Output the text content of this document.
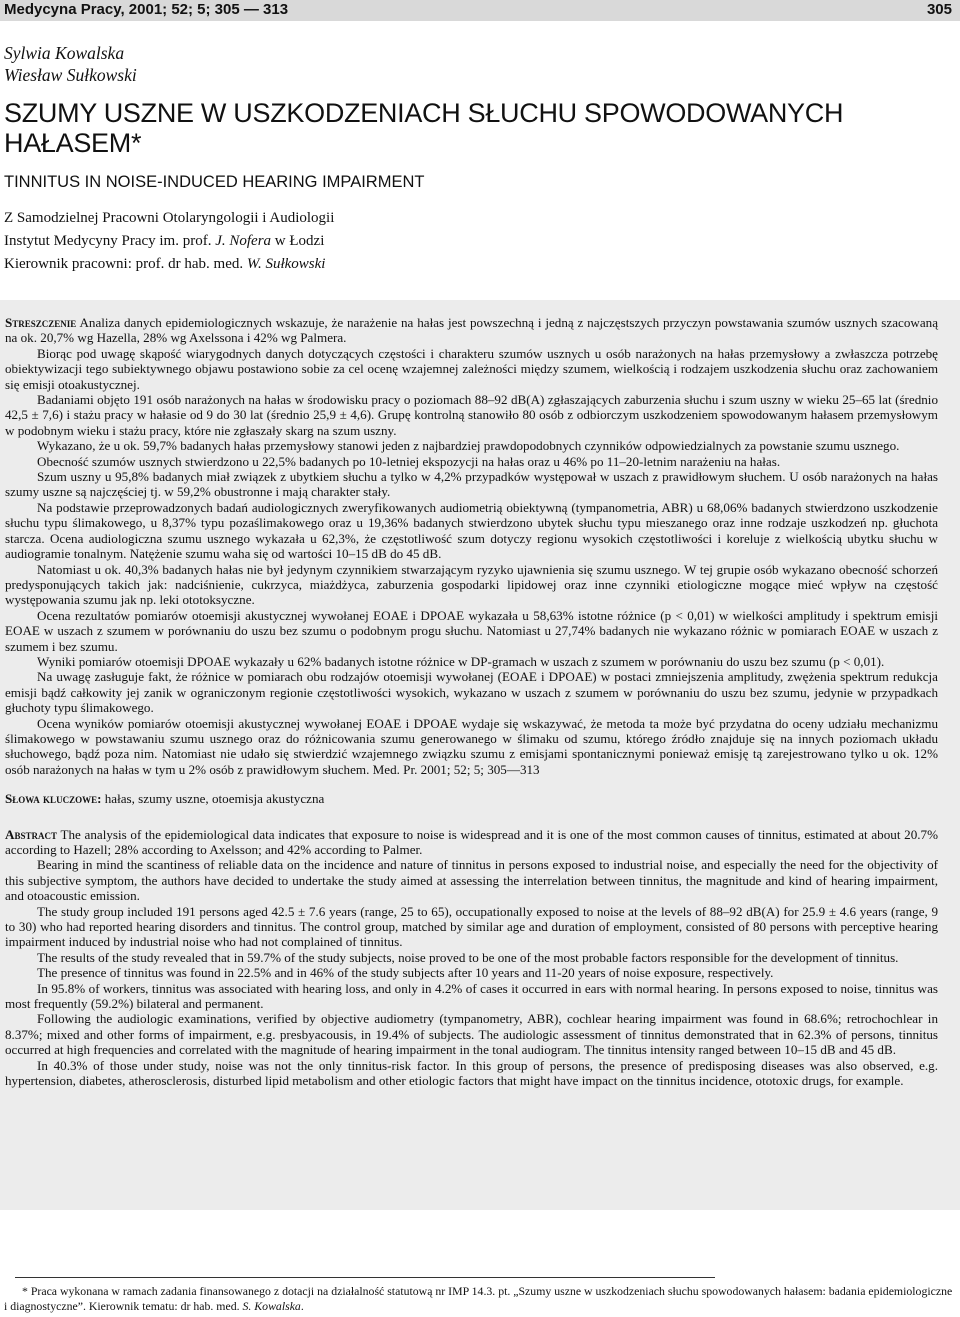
Medycyna Pracy, 2001; 52; 5; 305 — 313	305
Sylwia Kowalska
Wiesław Sułkowski
SZUMY USZNE W USZKODZENIACH SŁUCHU SPOWODOWANYCH HAŁASEM*
TINNITUS IN NOISE-INDUCED HEARING IMPAIRMENT
Z Samodzielnej Pracowni Otolaryngologii i Audiologii
Instytut Medycyny Pracy im. prof. J. Nofera w Łodzi
Kierownik pracowni: prof. dr hab. med. W. Sułkowski

Streszczenie Analiza danych epidemiologicznych wskazuje, że narażenie na hałas jest powszechną i jedną z najczęstszych przyczyn powstawania szumów usznych szacowaną na ok. 20,7% wg Hazella, 28% wg Axelssona i 42% wg Palmera.

Biorąc pod uwagę skąpość wiarygodnych danych dotyczących częstości i charakteru szumów usznych u osób narażonych na hałas przemysłowy a zwłaszcza potrzebę obiektywizacji tego subiektywnego objawu postawiono sobie za cel ocenę wzajemnej zależności między szumem, wielkością i rodzajem uszkodzenia słuchu oraz zachowaniem się emisji otoakustycznej.

Badaniami objęto 191 osób narażonych na hałas w środowisku pracy o poziomach 88–92 dB(A) zgłaszających zaburzenia słuchu i szum uszny w wieku 25–65 lat (średnio 42,5 ± 7,6) i stażu pracy w hałasie od 9 do 30 lat (średnio 25,9 ± 4,6). Grupę kontrolną stanowiło 80 osób z odbiorczym uszkodzeniem spowodowanym hałasem przemysłowym w podobnym wieku i stażu pracy, które nie zgłaszały skarg na szum uszny.

Wykazano, że u ok. 59,7% badanych hałas przemysłowy stanowi jeden z najbardziej prawdopodobnych czynników odpowiedzialnych za powstanie szumu usznego.

Obecność szumów usznych stwierdzono u 22,5% badanych po 10-letniej ekspozycji na hałas oraz u 46% po 11–20-letnim narażeniu na hałas.

Szum uszny u 95,8% badanych miał związek z ubytkiem słuchu a tylko w 4,2% przypadków występował w uszach z prawidłowym słuchem. U osób narażonych na hałas szumy uszne są najczęściej tj. w 59,2% obustronne i mają charakter stały.

Na podstawie przeprowadzonych badań audiologicznych zweryfikowanych audiometrią obiektywną (tympanometria, ABR) u 68,06% badanych stwierdzono uszkodzenie słuchu typu ślimakowego, u 8,37% typu pozaślimakowego oraz u 19,36% badanych stwierdzono ubytek słuchu typu mieszanego oraz inne rodzaje uszkodzeń np. głuchota starcza. Ocena audiologiczna szumu usznego wykazała u 62,3%, że częstotliwość szum dotyczy regionu wysokich częstotliwości i koreluje z wielkością ubytku słuchu w audiogramie tonalnym. Natężenie szumu waha się od wartości 10–15 dB do 45 dB.

Natomiast u ok. 40,3% badanych hałas nie był jedynym czynnikiem stwarzającym ryzyko ujawnienia się szumu usznego. W tej grupie osób wykazano obecność schorzeń predysponujących takich jak: nadciśnienie, cukrzyca, miażdżyca, zaburzenia gospodarki lipidowej oraz inne czynniki etiologiczne mogące mieć wpływ na częstość występowania szumu jak np. leki ototoksyczne.

Ocena rezultatów pomiarów otoemisji akustycznej wywołanej EOAE i DPOAE wykazała u 58,63% istotne różnice (p < 0,01) w wielkości amplitudy i spektrum emisji EOAE w uszach z szumem w porównaniu do uszu bez szumu o podobnym progu słuchu. Natomiast u 27,74% badanych nie wykazano różnic w pomiarach EOAE w uszach z szumem i bez szumu.

Wyniki pomiarów otoemisji DPOAE wykazały u 62% badanych istotne różnice w DP-gramach w uszach z szumem w porównaniu do uszu bez szumu (p < 0,01).

Na uwagę zasługuje fakt, że różnice w pomiarach obu rodzajów otoemisji wywołanej (EOAE i DPOAE) w postaci zmniejszenia amplitudy, zwężenia spektrum redukcja emisji bądź całkowity jej zanik w ograniczonym regionie częstotliwości wysokich, wykazano w uszach z szumem w porównaniu do uszu bez szumu, jedynie w przypadkach głuchoty typu ślimakowego.

Ocena wyników pomiarów otoemisji akustycznej wywołanej EOAE i DPOAE wydaje się wskazywać, że metoda ta może być przydatna do oceny udziału mechanizmu ślimakowego w powstawaniu szumu usznego oraz do różnicowania szumu generowanego w ślimaku od szumu, którego źródło znajduje się na innych poziomach układu słuchowego, bądź poza nim. Natomiast nie udało się stwierdzić wzajemnego związku szumu z emisjami spontanicznymi ponieważ emisję tą zarejestrowano tylko u ok. 12% osób narażonych na hałas w tym u 2% osób z prawidłowym słuchem. Med. Pr. 2001; 52; 5; 305—313

Słowa kluczowe: hałas, szumy uszne, otoemisja akustyczna

Abstract The analysis of the epidemiological data indicates that exposure to noise is widespread and it is one of the most common causes of tinnitus, estimated at about 20.7% according to Hazell; 28% according to Axelsson; and 42% according to Palmer.

Bearing in mind the scantiness of reliable data on the incidence and nature of tinnitus in persons exposed to industrial noise, and especially the need for the objectivity of this subjective symptom, the authors have decided to undertake the study aimed at assessing the interrelation between tinnitus, the magnitude and kind of hearing impairment, and otoacoustic emission.

The study group included 191 persons aged 42.5 ± 7.6 years (range, 25 to 65), occupationally exposed to noise at the levels of 88–92 dB(A) for 25.9 ± 4.6 years (range, 9 to 30) who had reported hearing disorders and tinnitus. The control group, matched by similar age and duration of employment, consisted of 80 persons with perceptive hearing impairment induced by industrial noise who had not complained of tinnitus.

The results of the study revealed that in 59.7% of the study subjects, noise proved to be one of the most probable factors responsible for the development of tinnitus.

The presence of tinnitus was found in 22.5% and in 46% of the study subjects after 10 years and 11-20 years of noise exposure, respectively.

In 95.8% of workers, tinnitus was associated with hearing loss, and only in 4.2% of cases it occurred in ears with normal hearing. In persons exposed to noise, tinnitus was most frequently (59.2%) bilateral and permanent.

Following the audiologic examinations, verified by objective audiometry (tympanometry, ABR), cochlear hearing impairment was found in 68.6%; retrochochlear in 8.37%; mixed and other forms of impairment, e.g. presbyacousis, in 19.4% of subjects. The audiologic assessment of tinnitus demonstrated that in 62.3% of persons, tinnitus occurred at high frequencies and correlated with the magnitude of hearing impairment in the tonal audiogram. The tinnitus intensity ranged between 10–15 dB and 45 dB.

In 40.3% of those under study, noise was not the only tinnitus-risk factor. In this group of persons, the presence of predisposing diseases was also observed, e.g. hypertension, diabetes, atherosclerosis, disturbed lipid metabolism and other etiologic factors that might have impact on the tinnitus incidence, ototoxic drugs, for example.

* Praca wykonana w ramach zadania finansowanego z dotacji na działalność statutową nr IMP 14.3. pt. „Szumy uszne w uszkodzeniach słuchu spowodowanych hałasem: badania epidemiologiczne i diagnostyczne”. Kierownik tematu: dr hab. med. S. Kowalska.
